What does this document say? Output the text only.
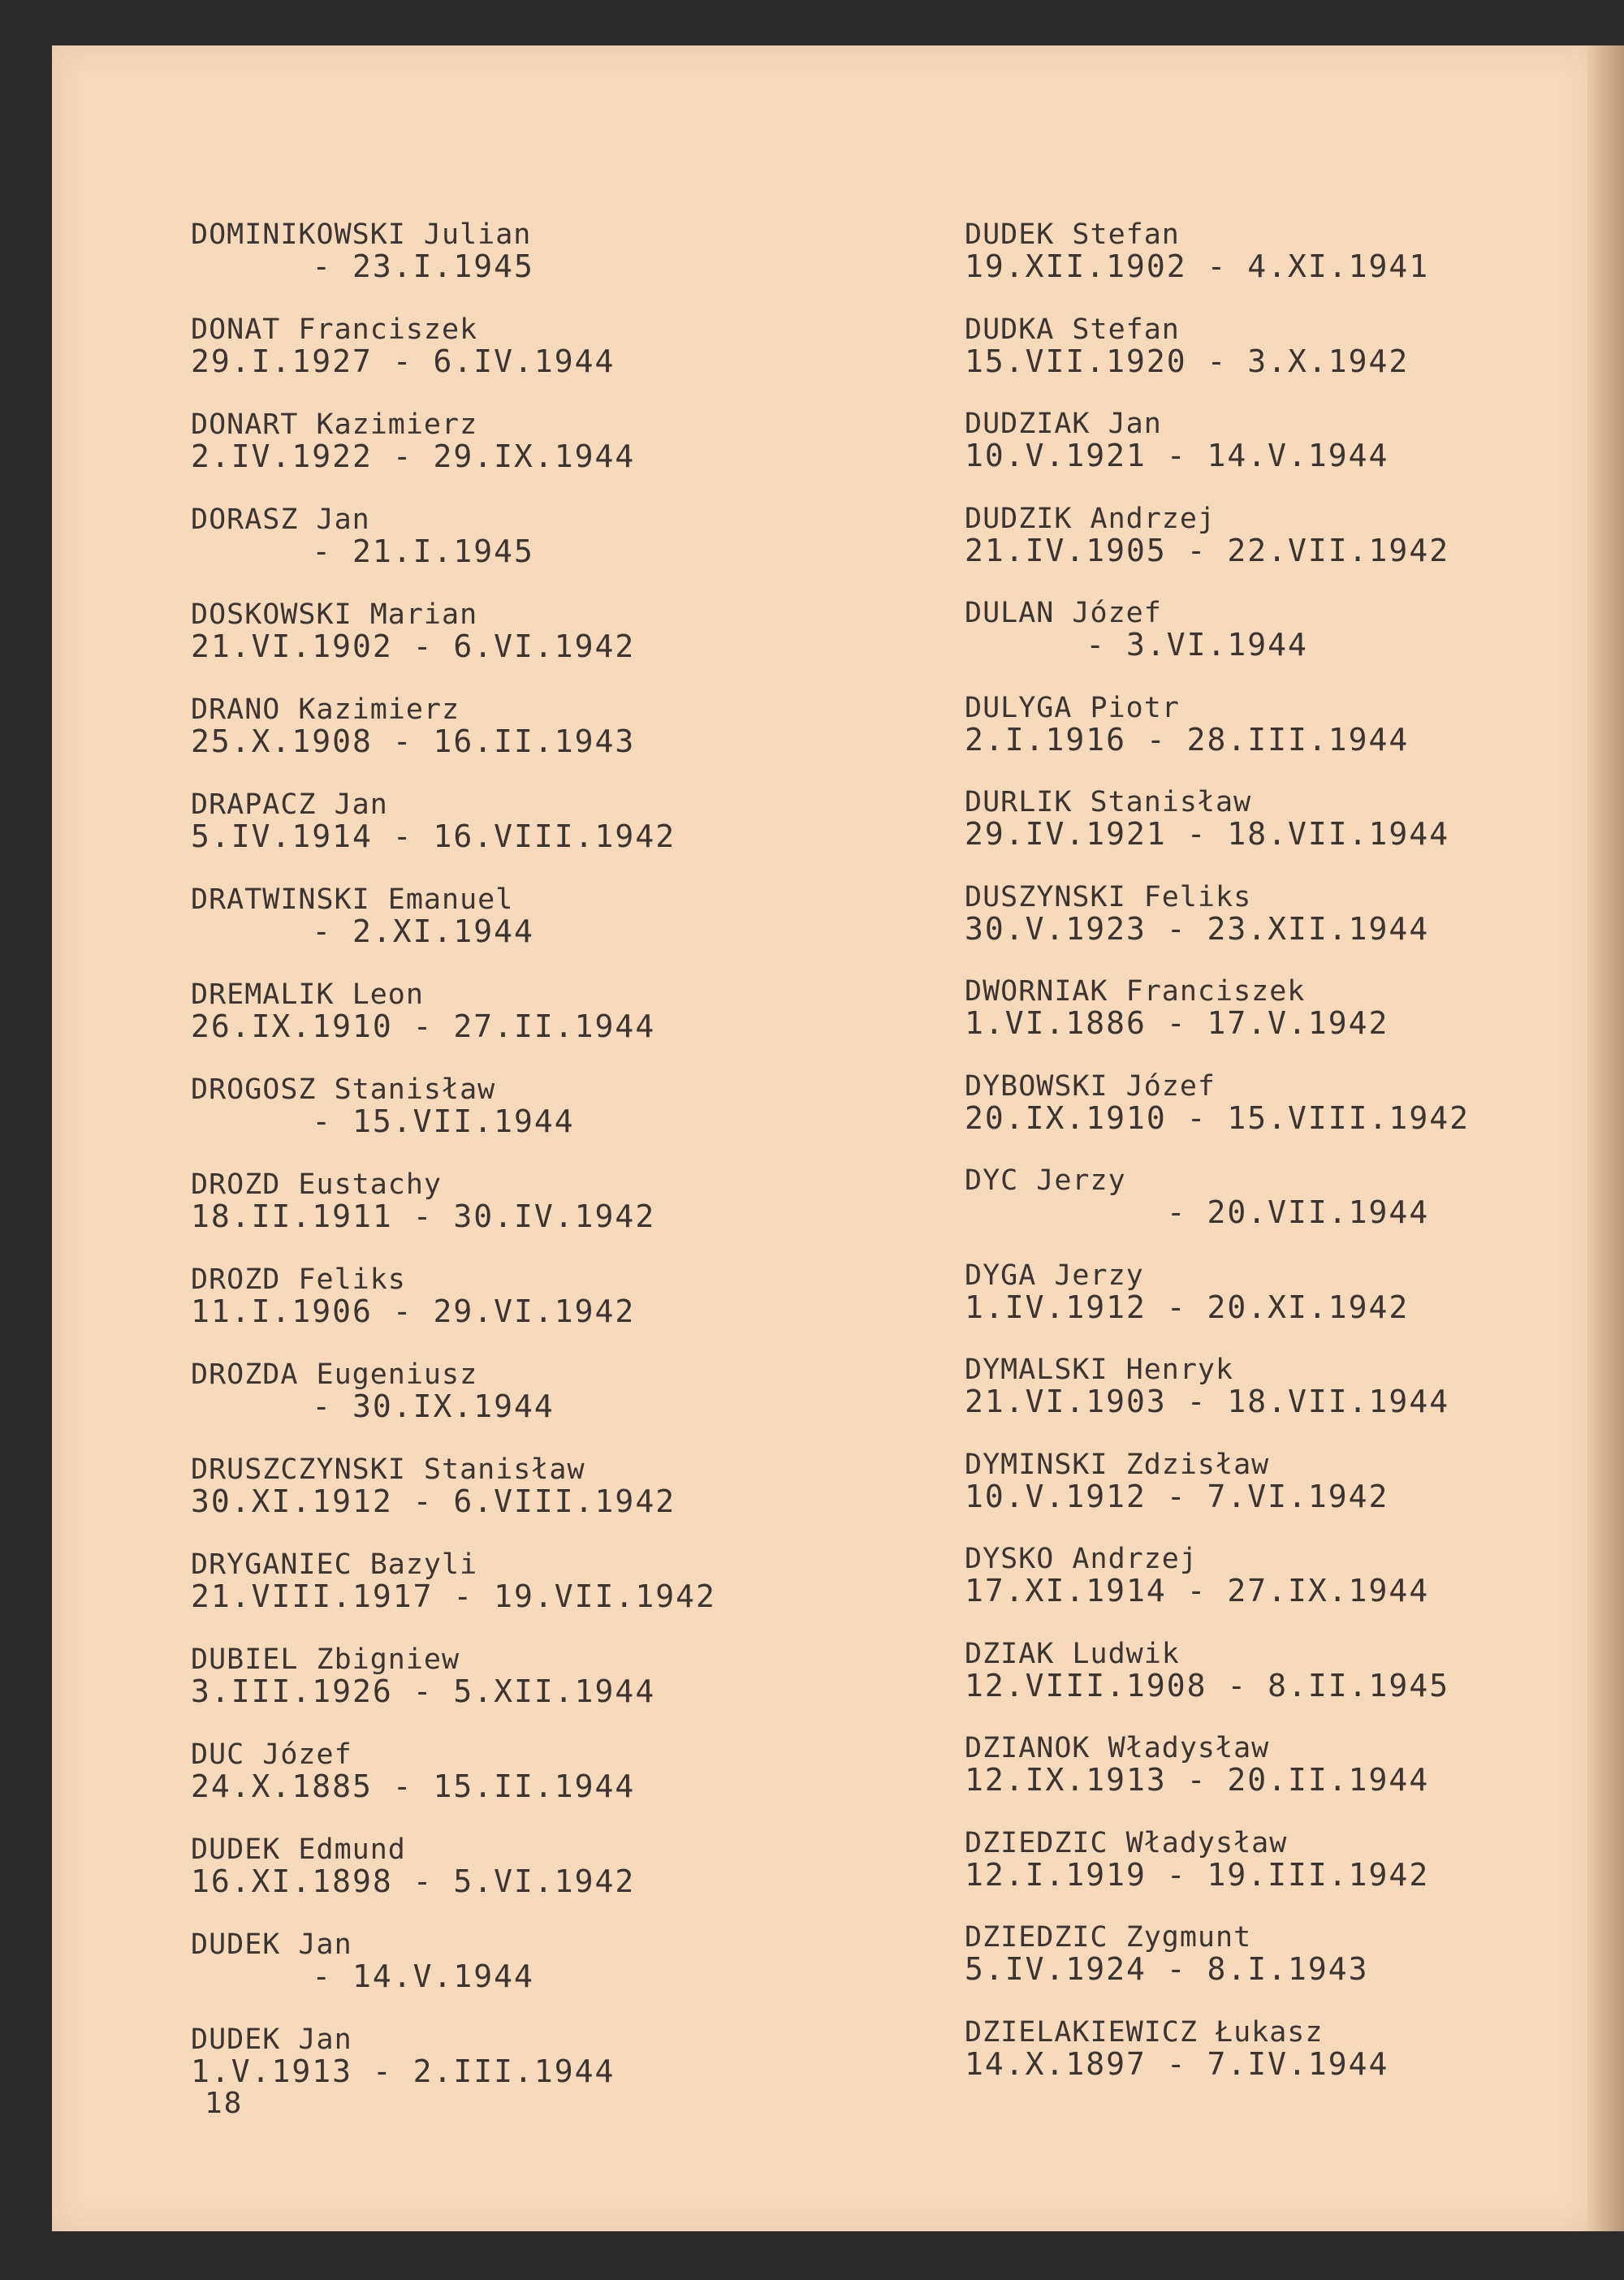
DOMINIKOWSKI Julian
- 23.I.1945
DONAT Franciszek
29.I.1927 - 6.IV.1944
DONART Kazimierz
2.IV.1922 - 29.IX.1944
DORASZ Jan
- 21.I.1945
DOSKOWSKI Marian
21.VI.1902 - 6.VI.1942
DRANO Kazimierz
25.X.1908 - 16.II.1943
DRAPACZ Jan
5.IV.1914 - 16.VIII.1942
DRATWINSKI Emanuel
- 2.XI.1944
DREMALIK Leon
26.IX.1910 - 27.II.1944
DROGOSZ Stanisław
- 15.VII.1944
DROZD Eustachy
18.II.1911 - 30.IV.1942
DROZD Feliks
11.I.1906 - 29.VI.1942
DROZDA Eugeniusz
- 30.IX.1944
DRUSZCZYNSKI Stanisław
30.XI.1912 - 6.VIII.1942
DRYGANIEC Bazyli
21.VIII.1917 - 19.VII.1942
DUBIEL Zbigniew
3.III.1926 - 5.XII.1944
DUC Józef
24.X.1885 - 15.II.1944
DUDEK Edmund
16.XI.1898 - 5.VI.1942
DUDEK Jan
- 14.V.1944
DUDEK Jan
1.V.1913 - 2.III.1944
DUDEK Stefan
19.XII.1902 - 4.XI.1941
DUDKA Stefan
15.VII.1920 - 3.X.1942
DUDZIAK Jan
10.V.1921 - 14.V.1944
DUDZIK Andrzej
21.IV.1905 - 22.VII.1942
DULAN Józef
- 3.VI.1944
DULYGA Piotr
2.I.1916 - 28.III.1944
DURLIK Stanisław
29.IV.1921 - 18.VII.1944
DUSZYNSKI Feliks
30.V.1923 - 23.XII.1944
DWORNIAK Franciszek
1.VI.1886 - 17.V.1942
DYBOWSKI Józef
20.IX.1910 - 15.VIII.1942
DYC Jerzy
- 20.VII.1944
DYGA Jerzy
1.IV.1912 - 20.XI.1942
DYMALSKI Henryk
21.VI.1903 - 18.VII.1944
DYMINSKI Zdzisław
10.V.1912 - 7.VI.1942
DYSKO Andrzej
17.XI.1914 - 27.IX.1944
DZIAK Ludwik
12.VIII.1908 - 8.II.1945
DZIANOK Władysław
12.IX.1913 - 20.II.1944
DZIEDZIC Władysław
12.I.1919 - 19.III.1942
DZIEDZIC Zygmunt
5.IV.1924 - 8.I.1943
DZIELAKIEWICZ Łukasz
14.X.1897 - 7.IV.1944
18
